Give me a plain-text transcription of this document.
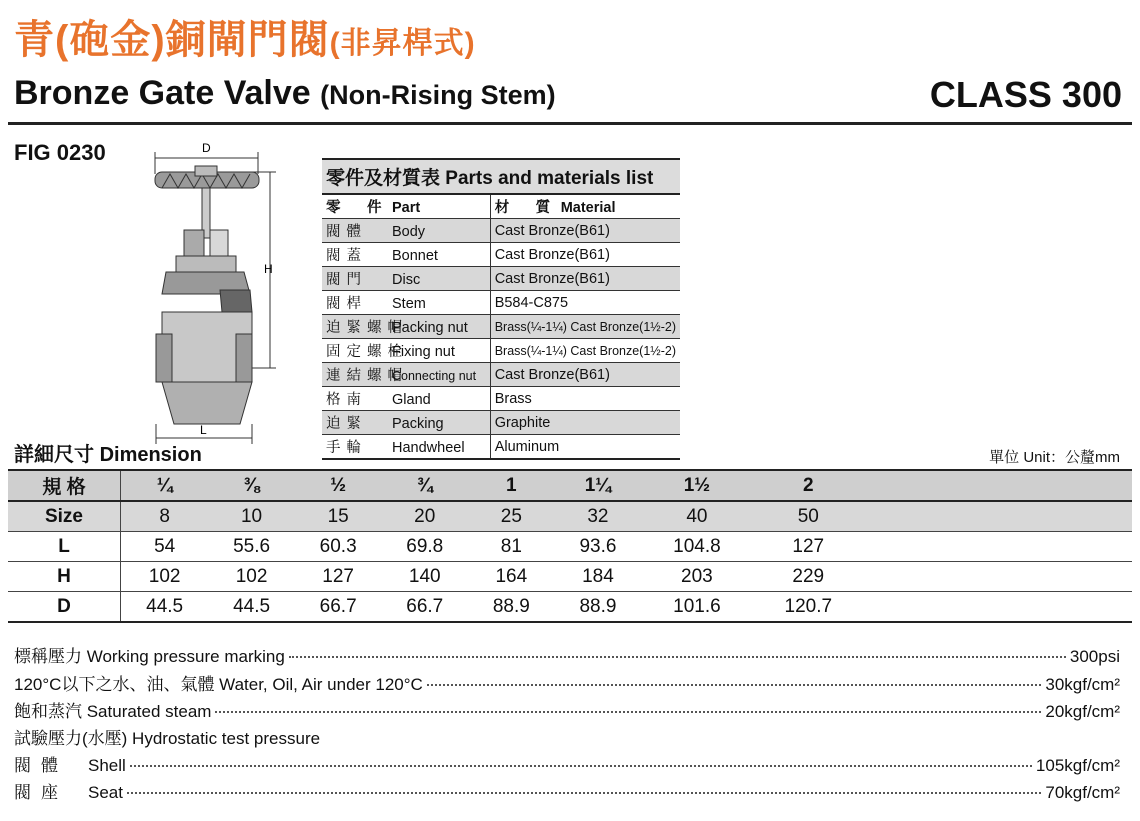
青(砲金)銅閘門閥(非昇桿式)
Bronze Gate Valve (Non-Rising Stem)	CLASS 300
FIG 0230	D
H
L
零件及材質表 Parts and materials list	
零　件 Part	材　質 Material
閥體 Body	Cast Bronze(B61)
閥蓋 Bonnet	Cast Bronze(B61)
閥門 Disc	Cast Bronze(B61)
閥桿 Stem	B584-C875
迫緊螺帽Packing nut	Brass(¼-1¼) Cast Bronze(1½-2)
固定螺栓Fixing nut	Brass(¼-1¼) Cast Bronze(1½-2)
連結螺帽Connecting nut	Cast Bronze(B61)
格南 Gland	Brass
迫緊 Packing	Graphite
手輪 Handwheel	Aluminum
詳細尺寸 Dimension	單位 Unit：公釐mm
規 格	¼	⅜	½	¾	1	1¼	1½	2	
Size	8	10	15	20	25	32	40	50	
L	54	55.6	60.3	69.8	81	93.6	104.8	127	
H	102	102	127	140	164	184	203	229	
D	44.5	44.5	66.7	66.7	88.9	88.9	101.6	120.7	
標稱壓力 Working pressure marking	300psi
120°C以下之水、油、氣體 Water, Oil, Air under 120°C	30kgf/cm²
飽和蒸汽 Saturated steam	20kgf/cm²
試驗壓力(水壓) Hydrostatic test pressure
閥體	Shell	105kgf/cm²
閥座	Seat	70kgf/cm²
